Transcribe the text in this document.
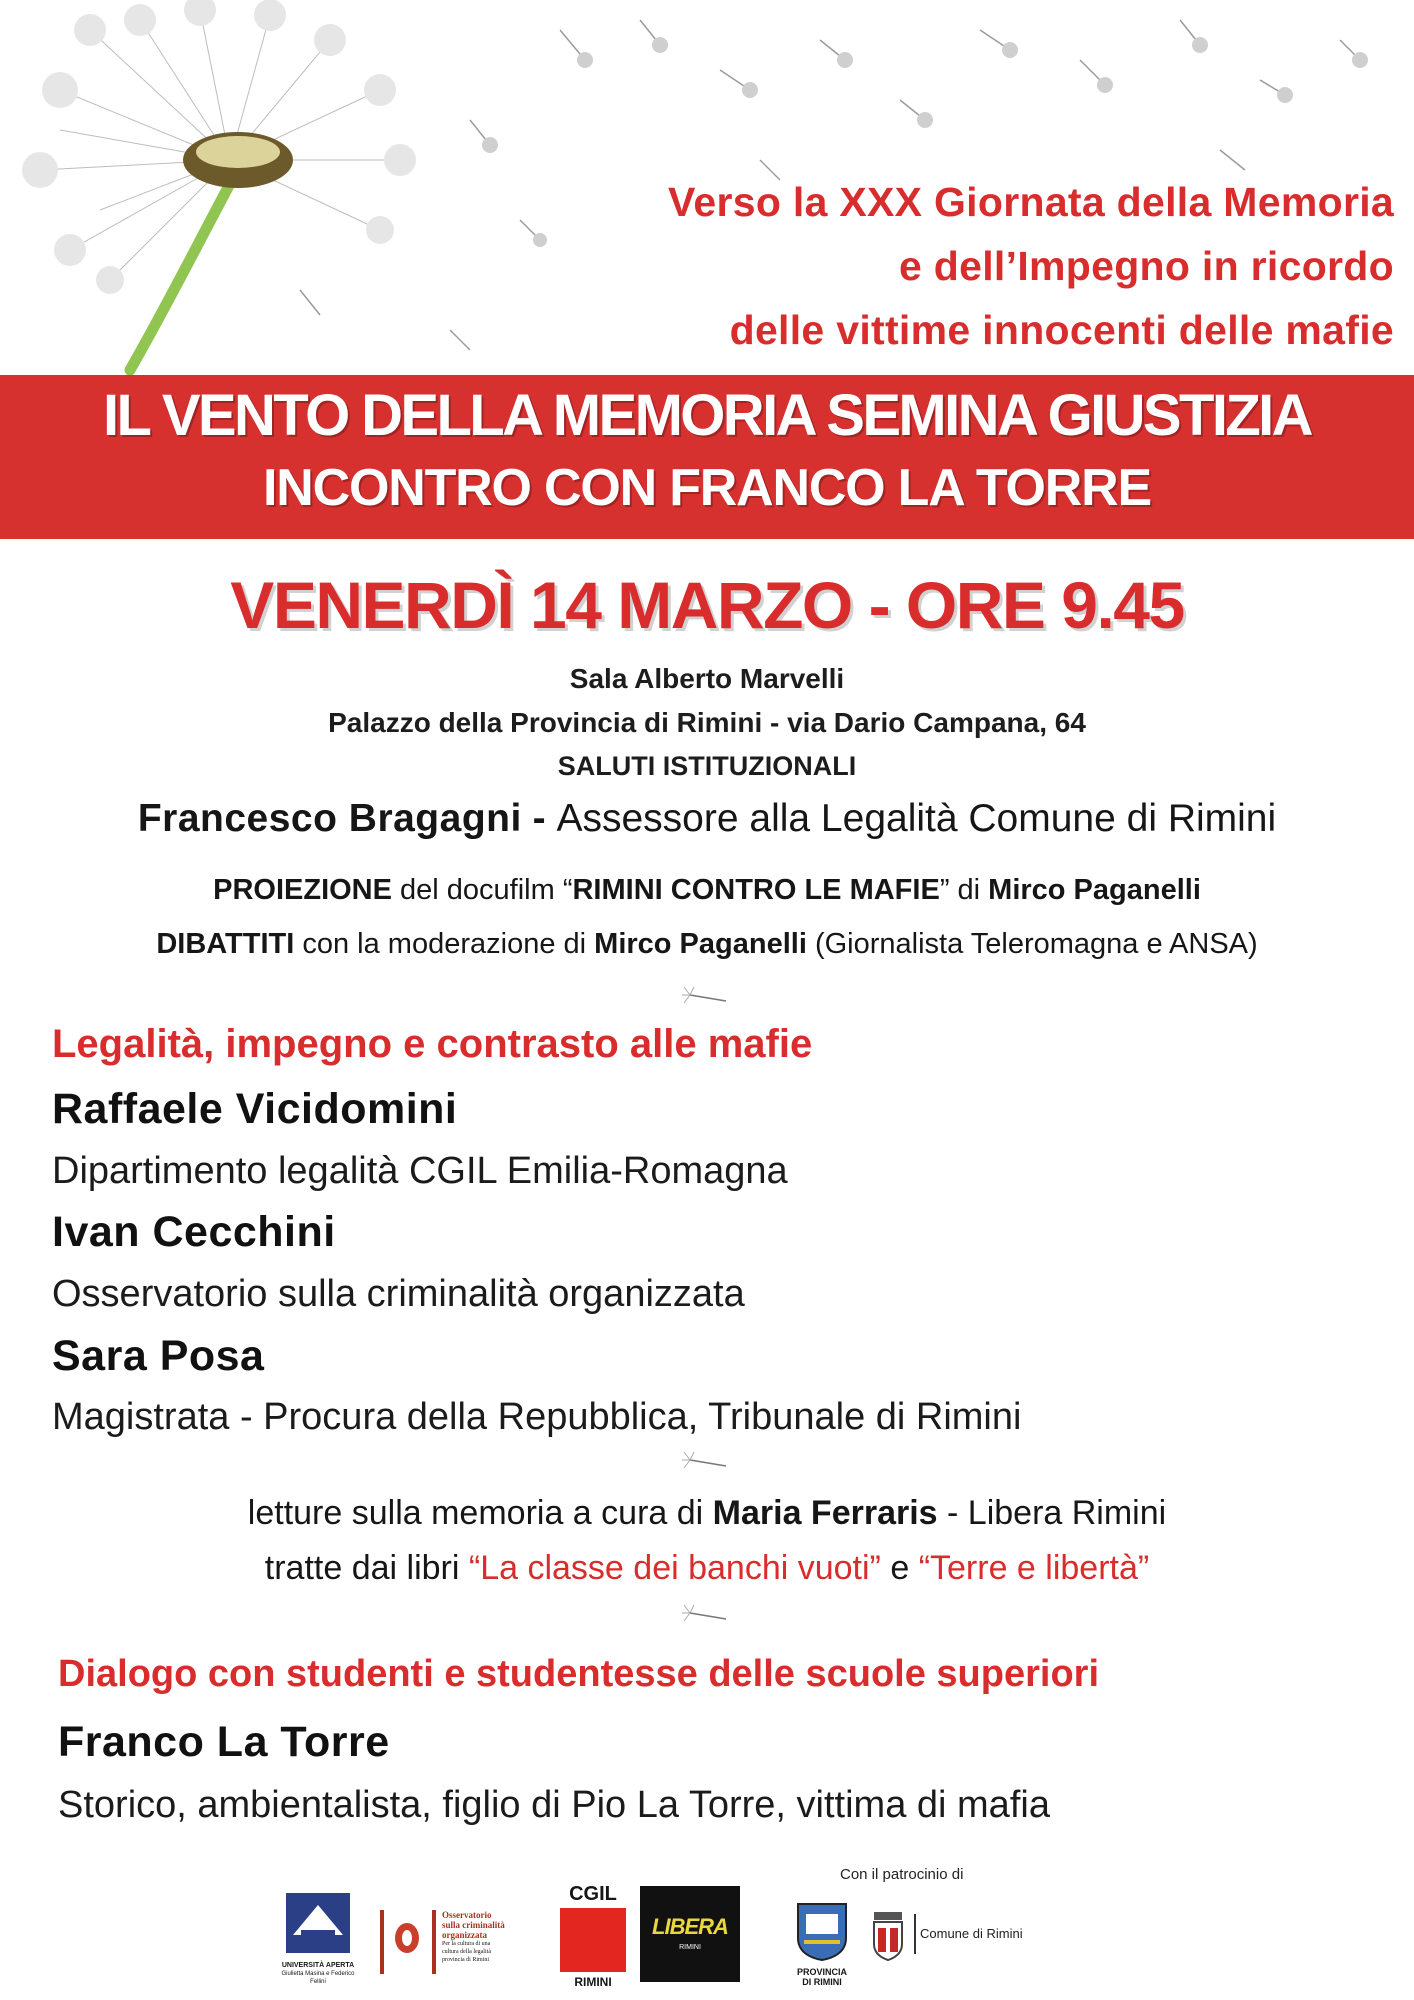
Verso la XXX Giornata della Memoria
e dell’Impegno in ricordo
delle vittime innocenti delle mafie
IL VENTO DELLA MEMORIA SEMINA GIUSTIZIA
INCONTRO CON FRANCO LA TORRE
VENERDÌ 14 MARZO - ORE 9.45
Sala Alberto Marvelli
Palazzo della Provincia di Rimini - via Dario Campana, 64
SALUTI ISTITUZIONALI
Francesco Bragagni - Assessore alla Legalità Comune di Rimini
PROIEZIONE del docufilm “RIMINI CONTRO LE MAFIE” di Mirco Paganelli
DIBATTITI con la moderazione di Mirco Paganelli (Giornalista Teleromagna e ANSA)
Legalità, impegno e contrasto alle mafie
Raffaele Vicidomini
Dipartimento legalità CGIL Emilia-Romagna
Ivan Cecchini
Osservatorio sulla criminalità organizzata
Sara Posa
Magistrata - Procura della Repubblica, Tribunale di Rimini
letture sulla memoria a cura di Maria Ferraris - Libera Rimini
tratte dai libri “La classe dei banchi vuoti” e “Terre e libertà”
Dialogo con studenti e studentesse delle scuole superiori
Franco La Torre
Storico, ambientalista, figlio di Pio La Torre, vittima di mafia
UNIVERSITÀ APERTA
Giulietta Masina e Federico Fellini
Osservatorio
sulla criminalità
organizzata
Per la cultura di una
cultura della legalità
provincia di Rimini
CGIL
RIMINI
LIBERA
RIMINI
Con il patrocinio di
PROVINCIA
DI RIMINI
Comune di Rimini
